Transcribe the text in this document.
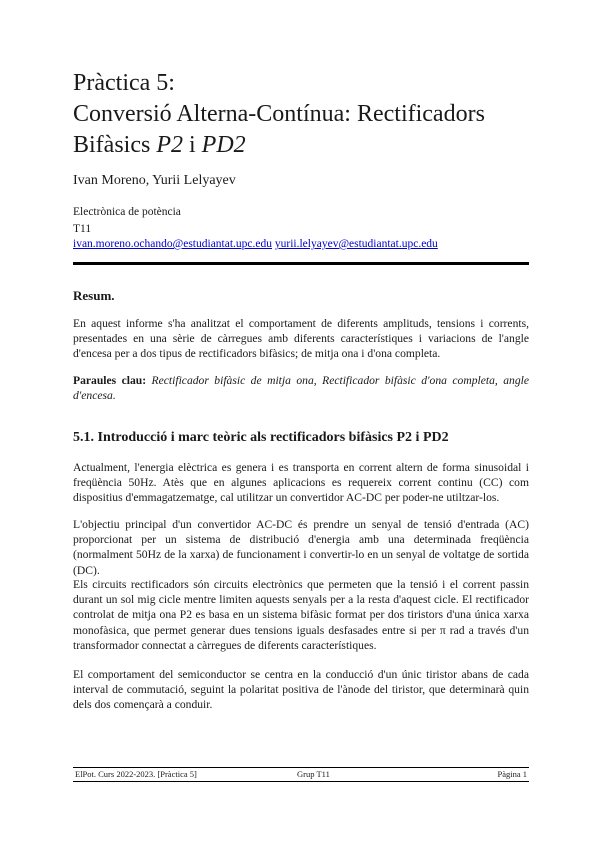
Pràctica 5:
Conversió Alterna-Contínua: Rectificadors
Bifàsics P2 i PD2
Ivan Moreno, Yurii Lelyayev
Electrònica de potència
T11
ivan.moreno.ochando@estudiantat.upc.edu yurii.lelyayev@estudiantat.upc.edu
Resum.

En aquest informe s'ha analitzat el comportament de diferents amplituds, tensions i corrents, presentades en una sèrie de càrregues amb diferents característiques i variacions de l'angle d'encesa per a dos tipus de rectificadors bifàsics; de mitja ona i d'ona completa.

Paraules clau: Rectificador bifàsic de mitja ona, Rectificador bifàsic d'ona completa, angle d'encesa.

5.1. Introducció i marc teòric als rectificadors bifàsics P2 i PD2

Actualment, l'energia elèctrica es genera i es transporta en corrent altern de forma sinusoidal i freqüència 50Hz. Atès que en algunes aplicacions es requereix corrent continu (CC) com dispositius d'emmagatzematge, cal utilitzar un convertidor AC-DC per poder-ne utiltzar-los.

L'objectiu principal d'un convertidor AC-DC és prendre un senyal de tensió d'entrada (AC) proporcionat per un sistema de distribució d'energia amb una determinada freqüència (normalment 50Hz de la xarxa) de funcionament i convertir-lo en un senyal de voltatge de sortida (DC).

Els circuits rectificadors són circuits electrònics que permeten que la tensió i el corrent passin durant un sol mig cicle mentre limiten aquests senyals per a la resta d'aquest cicle. El rectificador controlat de mitja ona P2 es basa en un sistema bifàsic format per dos tiristors d'una única xarxa monofàsica, que permet generar dues tensions iguals desfasades entre si per π rad a través d'un transformador connectat a càrregues de diferents característiques.

El comportament del semiconductor se centra en la conducció d'un únic tiristor abans de cada interval de commutació, seguint la polaritat positiva de l'ànode del tiristor, que determinarà quin dels dos començarà a conduir.

ElPot. Curs 2022-2023. [Pràctica 5]	Grup T11	Pàgina 1
